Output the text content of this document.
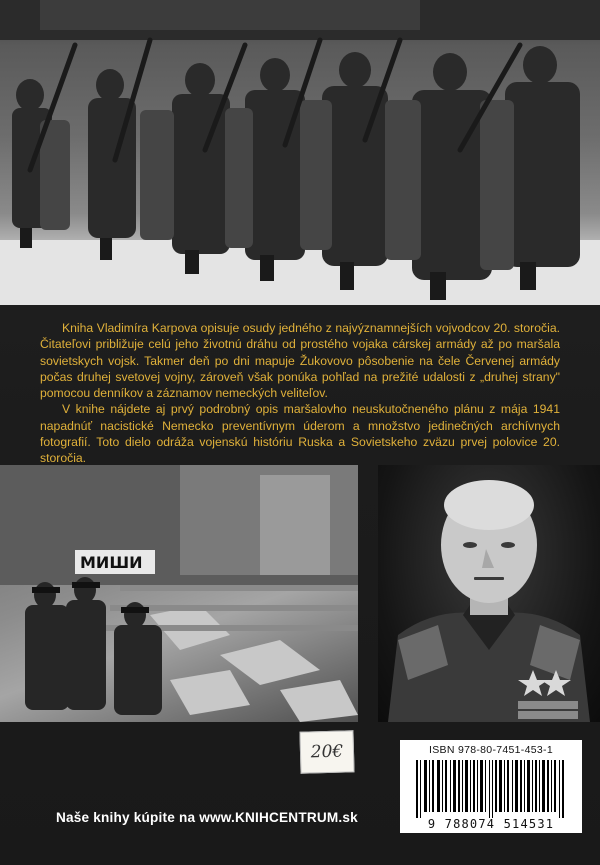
Kniha Vladimíra Karpova opisuje osudy jedného z najvýznamnejších vojvodcov 20. storočia. Čitateľovi približuje celú jeho životnú dráhu od prostého vojaka cárskej armády až po maršala sovietskych vojsk. Takmer deň po dni mapuje Žukovovo pôsobenie na čele Červenej armády počas druhej svetovej vojny, zároveň však ponúka pohľad na prežité udalosti z „druhej strany" pomocou denníkov a záznamov nemeckých veliteľov.

V knihe nájdete aj prvý podrobný opis maršalovho neuskutočneného plánu z mája 1941 napadnúť nacistické Nemecko preventívnym úderom a množstvo jedinečných archívnych fotografií. Toto dielo odráža vojenskú históriu Ruska a Sovietskeho zväzu prvej polovice 20. storočia.

МИШИ
20€	ISBN 978-80-7451-453-1
9 788074 514531
Naše knihy kúpite na www.KNIHCENTRUM.sk
